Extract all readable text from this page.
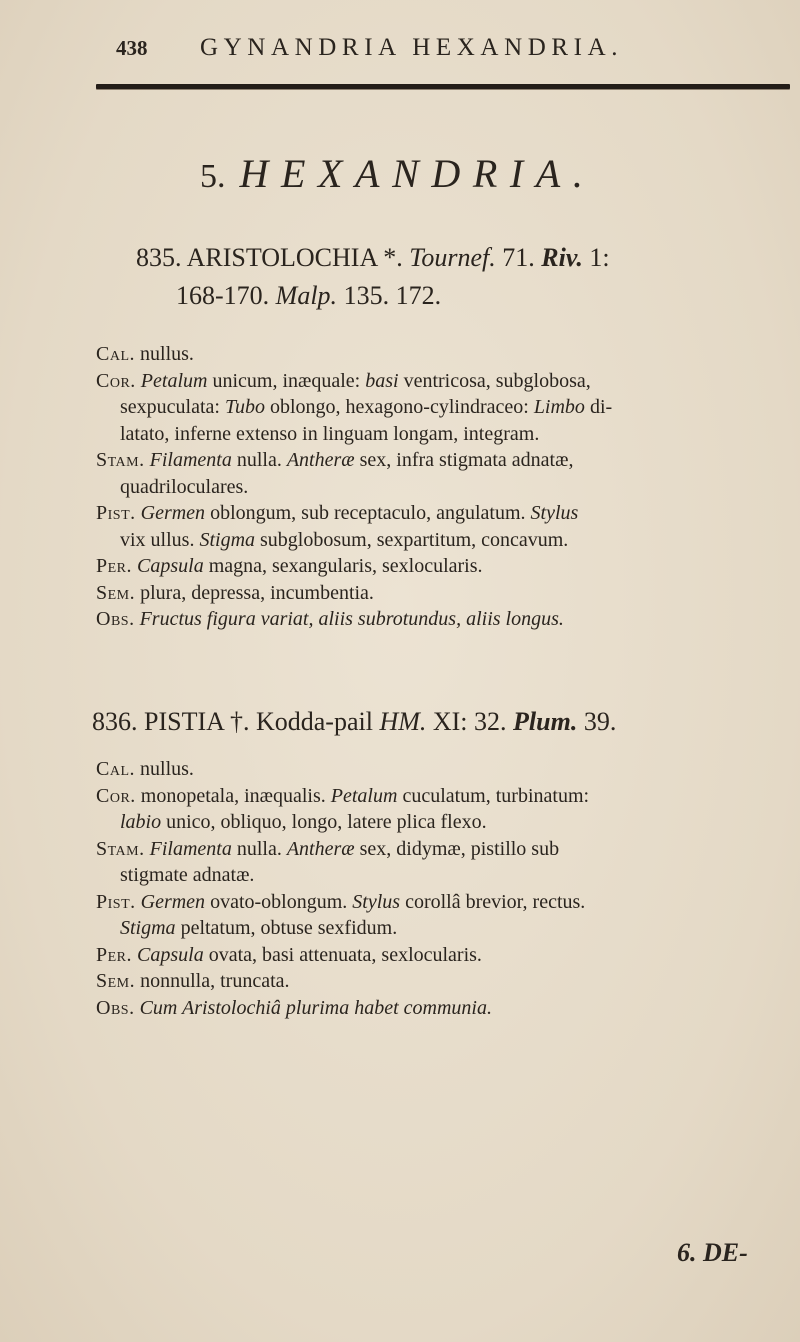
438 GYNANDRIA HEXANDRIA.
5. HEXANDRIA.
835. ARISTOLOCHIA *. Tournef. 71. Riv. 1:
168-170. Malp. 135. 172.
Cal. nullus.
Cor. Petalum unicum, inæquale: basi ventricosa, subglobosa,
sexpuculata: Tubo oblongo, hexagono-cylindraceo: Limbo di-
latato, inferne extenso in linguam longam, integram.
Stam. Filamenta nulla. Antheræ sex, infra stigmata adnatæ,
quadriloculares.
Pist. Germen oblongum, sub receptaculo, angulatum. Stylus
vix ullus. Stigma subglobosum, sexpartitum, concavum.
Per. Capsula magna, sexangularis, sexlocularis.
Sem. plura, depressa, incumbentia.
Obs. Fructus figura variat, aliis subrotundus, aliis longus.
836. PISTIA †. Kodda-pail HM. XI: 32. Plum. 39.
Cal. nullus.
Cor. monopetala, inæqualis. Petalum cuculatum, turbinatum:
labio unico, obliquo, longo, latere plica flexo.
Stam. Filamenta nulla. Antheræ sex, didymæ, pistillo sub
stigmate adnatæ.
Pist. Germen ovato-oblongum. Stylus corollâ brevior, rectus.
Stigma peltatum, obtuse sexfidum.
Per. Capsula ovata, basi attenuata, sexlocularis.
Sem. nonnulla, truncata.
Obs. Cum Aristolochiâ plurima habet communia.
6. DE-
